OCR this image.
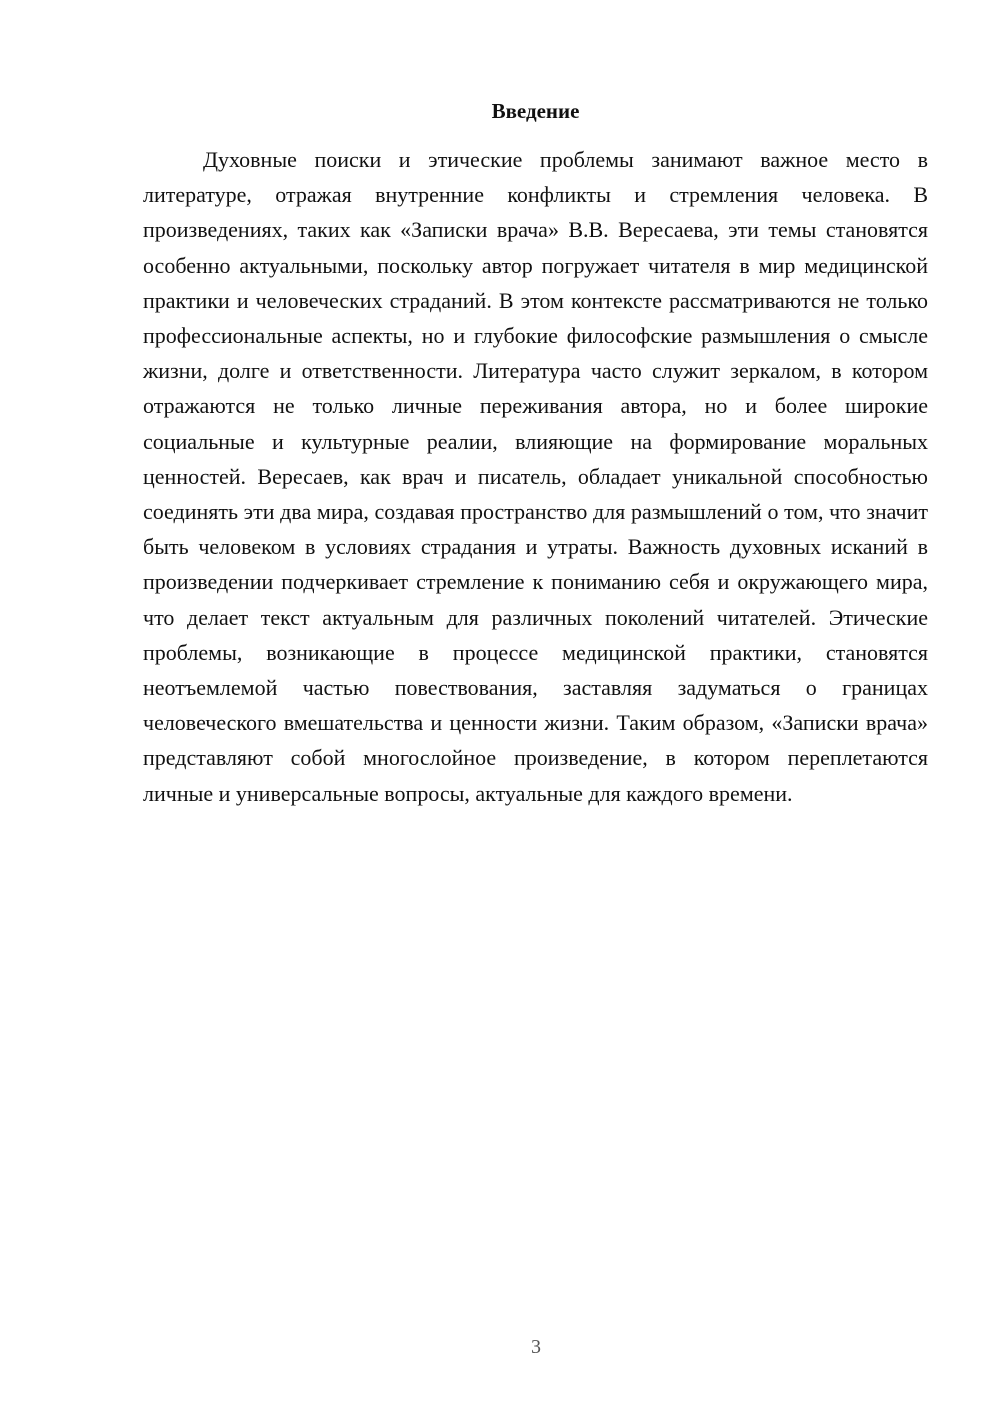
Введение

Духовные поиски и этические проблемы занимают важное место в литературе, отражая внутренние конфликты и стремления человека. В произведениях, таких как «Записки врача» В.В. Вересаева, эти темы становятся особенно актуальными, поскольку автор погружает читателя в мир медицинской практики и человеческих страданий. В этом контексте рассматриваются не только профессиональные аспекты, но и глубокие философские размышления о смысле жизни, долге и ответственности. Литература часто служит зеркалом, в котором отражаются не только личные переживания автора, но и более широкие социальные и культурные реалии, влияющие на формирование моральных ценностей. Вересаев, как врач и писатель, обладает уникальной способностью соединять эти два мира, создавая пространство для размышлений о том, что значит быть человеком в условиях страдания и утраты. Важность духовных исканий в произведении подчеркивает стремление к пониманию себя и окружающего мира, что делает текст актуальным для различных поколений читателей. Этические проблемы, возникающие в процессе медицинской практики, становятся неотъемлемой частью повествования, заставляя задуматься о границах человеческого вмешательства и ценности жизни. Таким образом, «Записки врача» представляют собой многослойное произведение, в котором переплетаются личные и универсальные вопросы, актуальные для каждого времени.

3
